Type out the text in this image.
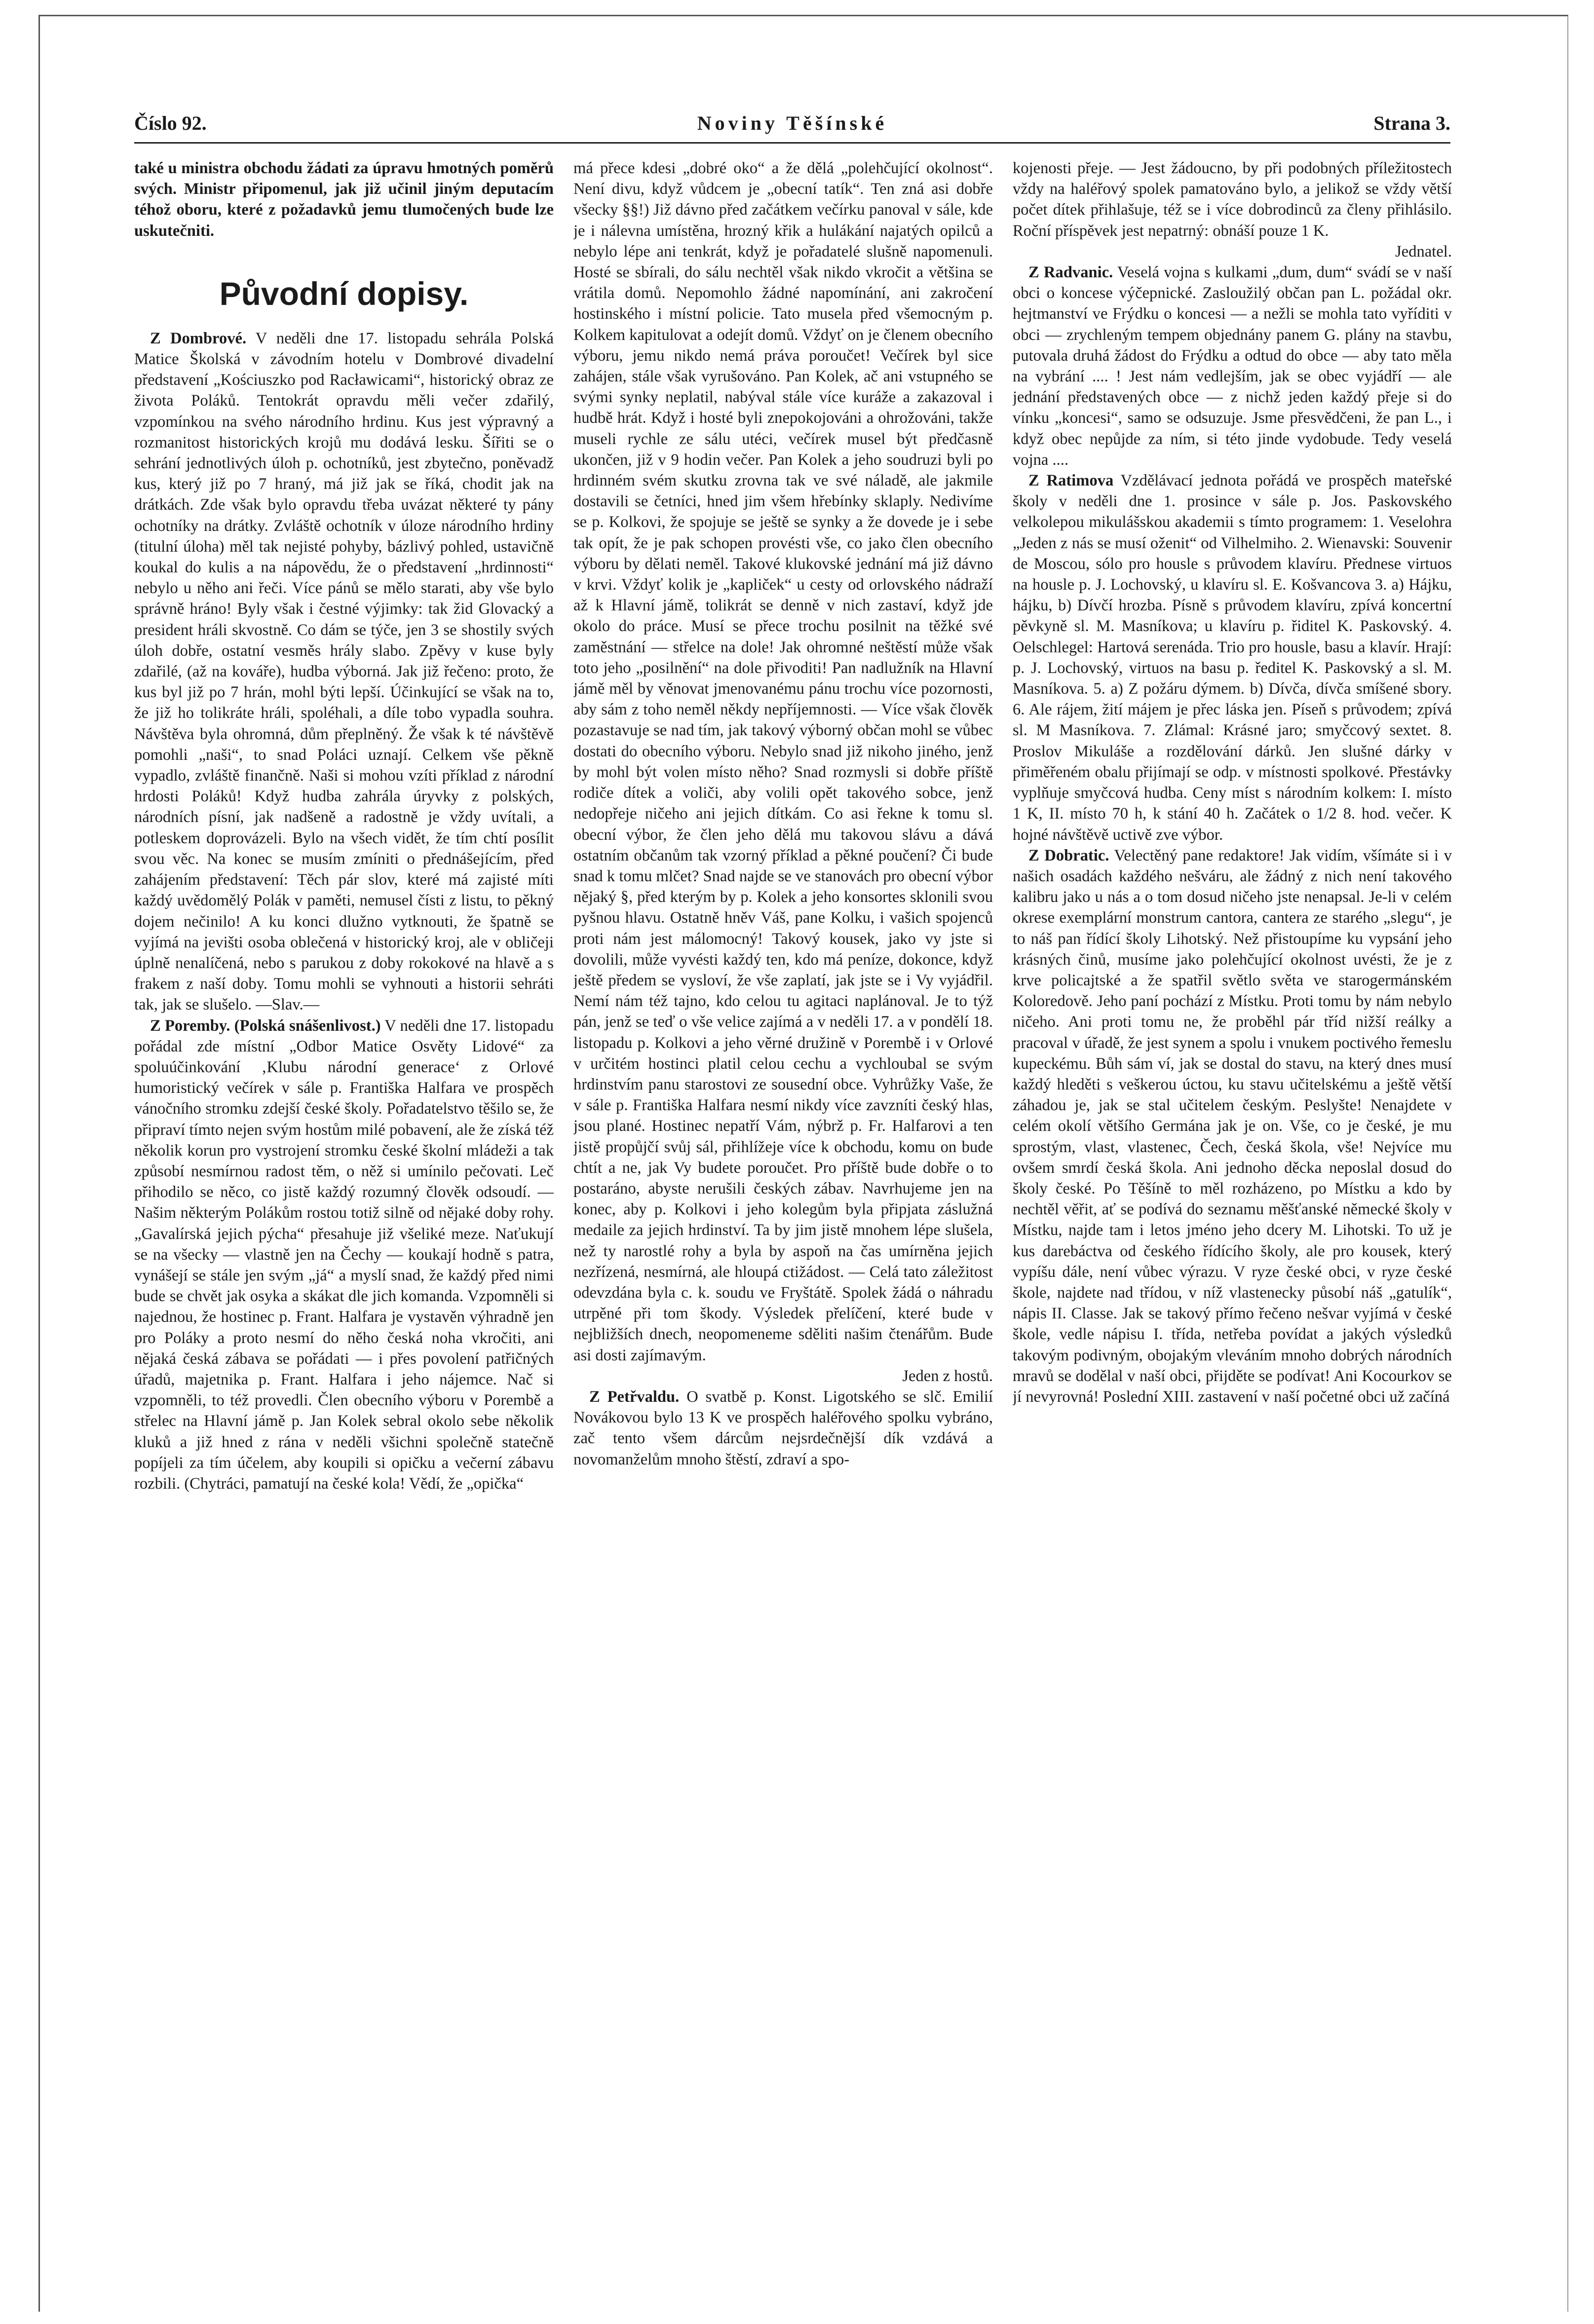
Číslo 92.	Noviny Těšínské	Strana 3.

také u ministra obchodu žádati za úpravu hmotných poměrů svých. Ministr připomenul, jak již učinil jiným deputacím téhož oboru, které z požadavků jemu tlumočených bude lze uskutečniti.

Původní dopisy.

Z Dombrové. V neděli dne 17. listopadu sehrála Polská Matice Školská v závodním hotelu v Dombrové divadelní představení „Kościuszko pod Racławicami“, historický obraz ze života Poláků. Tentokrát opravdu měli večer zdařilý, vzpomínkou na svého národního hrdinu. Kus jest výpravný a rozmanitost historických krojů mu dodává lesku. Šířiti se o sehrání jednotlivých úloh p. ochotníků, jest zbytečno, poněvadž kus, který již po 7 hraný, má již jak se říká, chodit jak na drátkách. Zde však bylo opravdu třeba uvázat některé ty pány ochotníky na drátky. Zvláště ochotník v úloze národního hrdiny (titulní úloha) měl tak nejisté pohyby, bázlivý pohled, ustavičně koukal do kulis a na nápovědu, že o představení „hrdinnosti“ nebylo u něho ani řeči. Více pánů se mělo starati, aby vše bylo správně hráno! Byly však i čestné výjimky: tak žid Glovacký a president hráli skvostně. Co dám se týče, jen 3 se shostily svých úloh dobře, ostatní vesměs hrály slabo. Zpěvy v kuse byly zdařilé, (až na kováře), hudba výborná. Jak již řečeno: proto, že kus byl již po 7 hrán, mohl býti lepší. Účinkující se však na to, že již ho tolikráte hráli, spoléhali, a díle tobo vypadla souhra. Návštěva byla ohromná, dům přeplněný. Že však k té návštěvě pomohli „naši“, to snad Poláci uznají. Celkem vše pěkně vypadlo, zvláště finančně. Naši si mohou vzíti příklad z národní hrdosti Poláků! Když hudba zahrála úryvky z polských, národních písní, jak nadšeně a radostně je vždy uvítali, a potleskem doprovázeli. Bylo na všech vidět, že tím chtí posílit svou věc. Na konec se musím zmíniti o přednášejícím, před zahájením představení: Těch pár slov, které má zajisté míti každý uvědomělý Polák v paměti, nemusel čísti z listu, to pěkný dojem nečinilo! A ku konci dlužno vytknouti, že špatně se vyjímá na jevišti osoba oblečená v historický kroj, ale v obličeji úplně nenalíčená, nebo s parukou z doby rokokové na hlavě a s frakem z naší doby. Tomu mohli se vyhnouti a historii sehráti tak, jak se slušelo. —Slav.—

Z Poremby. (Polská snášenlivost.) V neděli dne 17. listopadu pořádal zde místní „Odbor Matice Osvěty Lidové“ za spoluúčinkování ‚Klubu národní generace‘ z Orlové humoristický večírek v sále p. Františka Halfara ve prospěch vánočního stromku zdejší české školy. Pořadatelstvo těšilo se, že připraví tímto nejen svým hostům milé pobavení, ale že získá též několik korun pro vystrojení stromku české školní mládeži a tak způsobí nesmírnou radost těm, o něž si umínilo pečovati. Leč přihodilo se něco, co jistě každý rozumný člověk odsoudí. — Našim některým Polákům rostou totiž silně od nějaké doby rohy. „Gavalírská jejich pýcha“ přesahuje již všeliké meze. Naťukují se na všecky — vlastně jen na Čechy — koukají hodně s patra, vynášejí se stále jen svým „já“ a myslí snad, že každý před nimi bude se chvět jak osyka a skákat dle jich komanda. Vzpomněli si najednou, že hostinec p. Frant. Halfara je vystavěn výhradně jen pro Poláky a proto nesmí do něho česká noha vkročiti, ani nějaká česká zábava se pořádati — i přes povolení patřičných úřadů, majetnika p. Frant. Halfara i jeho nájemce. Nač si vzpomněli, to též provedli. Člen obecního výboru v Porembě a střelec na Hlavní jámě p. Jan Kolek sebral okolo sebe několik kluků a již hned z rána v neděli všichni společně statečně popíjeli za tím účelem, aby koupili si opičku a večerní zábavu rozbili. (Chytráci, pamatují na české kola! Vědí, že „opička“

má přece kdesi „dobré oko“ a že dělá „polehčující okolnost“. Není divu, když vůdcem je „obecní tatík“. Ten zná asi dobře všecky §§!) Již dávno před začátkem večírku panoval v sále, kde je i nálevna umístěna, hrozný křik a hulákání najatých opilců a nebylo lépe ani tenkrát, když je pořadatelé slušně napomenuli. Hosté se sbírali, do sálu nechtěl však nikdo vkročit a většina se vrátila domů. Nepomohlo žádné napomínání, ani zakročení hostinského i místní policie. Tato musela před všemocným p. Kolkem kapitulovat a odejít domů. Vždyť on je členem obecního výboru, jemu nikdo nemá práva poroučet! Večírek byl sice zahájen, stále však vyrušováno. Pan Kolek, ač ani vstupného se svými synky neplatil, nabýval stále více kuráže a zakazoval i hudbě hrát. Když i hosté byli znepokojováni a ohrožováni, takže museli rychle ze sálu utéci, večírek musel být předčasně ukončen, již v 9 hodin večer. Pan Kolek a jeho soudruzi byli po hrdinném svém skutku zrovna tak ve své náladě, ale jakmile dostavili se četníci, hned jim všem hřebínky sklaply. Nedivíme se p. Kolkovi, že spojuje se ještě se synky a že dovede je i sebe tak opít, že je pak schopen provésti vše, co jako člen obecního výboru by dělati neměl. Takové klukovské jednání má již dávno v krvi. Vždyť kolik je „kapliček“ u cesty od orlovského nádraží až k Hlavní jámě, tolikrát se denně v nich zastaví, když jde okolo do práce. Musí se přece trochu posilnit na těžké své zaměstnání — střelce na dole! Jak ohromné neštěstí může však toto jeho „posilnění“ na dole přivoditi! Pan nadlužník na Hlavní jámě měl by věnovat jmenovanému pánu trochu více pozornosti, aby sám z toho neměl někdy nepříjemnosti. — Více však člověk pozastavuje se nad tím, jak takový výborný občan mohl se vůbec dostati do obecního výboru. Nebylo snad již nikoho jiného, jenž by mohl být volen místo něho? Snad rozmysli si dobře příště rodiče dítek a voliči, aby volili opět takového sobce, jenž nedopřeje ničeho ani jejich dítkám. Co asi řekne k tomu sl. obecní výbor, že člen jeho dělá mu takovou slávu a dává ostatním občanům tak vzorný příklad a pěkné poučení? Či bude snad k tomu mlčet? Snad najde se ve stanovách pro obecní výbor nějaký §, před kterým by p. Kolek a jeho konsortes sklonili svou pyšnou hlavu. Ostatně hněv Váš, pane Kolku, i vašich spojenců proti nám jest málomocný! Takový kousek, jako vy jste si dovolili, může vyvésti každý ten, kdo má peníze, dokonce, když ještě předem se vysloví, že vše zaplatí, jak jste se i Vy vyjádřil. Nemí nám též tajno, kdo celou tu agitaci naplánoval. Je to týž pán, jenž se teď o vše velice zajímá a v neděli 17. a v pondělí 18. listopadu p. Kolkovi a jeho věrné družině v Porembě i v Orlové v určitém hostinci platil celou cechu a vychloubal se svým hrdinstvím panu starostovi ze sousední obce. Vyhrůžky Vaše, že v sále p. Františka Halfara nesmí nikdy více zavzníti český hlas, jsou plané. Hostinec nepatří Vám, nýbrž p. Fr. Halfarovi a ten jistě propůjčí svůj sál, přihlížeje více k obchodu, komu on bude chtít a ne, jak Vy budete poroučet. Pro příště bude dobře o to postaráno, abyste nerušili českých zábav. Navrhujeme jen na konec, aby p. Kolkovi i jeho kolegům byla připjata záslužná medaile za jejich hrdinství. Ta by jim jistě mnohem lépe slušela, než ty narostlé rohy a byla by aspoň na čas umírněna jejich nezřízená, nesmírná, ale hloupá ctižádost. — Celá tato záležitost odevzdána byla c. k. soudu ve Fryštátě. Spolek žádá o náhradu utrpěné při tom škody. Výsledek přelíčení, které bude v nejbližších dnech, neopomeneme sděliti našim čtenářům. Bude asi dosti zajímavým.

Jeden z hostů.

Z Petřvaldu. O svatbě p. Konst. Ligotského se slč. Emilií Novákovou bylo 13 K ve prospěch haléřového spolku vybráno, zač tento všem dárcům nejsrdečnější dík vzdává a novomanželům mnoho štěstí, zdraví a spo-

kojenosti přeje. — Jest žádoucno, by při podobných příležitostech vždy na haléřový spolek pamatováno bylo, a jelikož se vždy větší počet dítek přihlašuje, též se i více dobrodinců za členy přihlásilo. Roční příspěvek jest nepatrný: obnáší pouze 1 K.

Jednatel.

Z Radvanic. Veselá vojna s kulkami „dum, dum“ svádí se v naší obci o koncese výčepnické. Zasloužilý občan pan L. požádal okr. hejtmanství ve Frýdku o koncesi — a nežli se mohla tato vyříditi v obci — zrychleným tempem objednány panem G. plány na stavbu, putovala druhá žádost do Frýdku a odtud do obce — aby tato měla na vybrání .... ! Jest nám vedlejším, jak se obec vyjádří — ale jednání představených obce — z nichž jeden každý přeje si do vínku „koncesi“, samo se odsuzuje. Jsme přesvědčeni, že pan L., i když obec nepůjde za ním, si této jinde vydobude. Tedy veselá vojna ....

Z Ratimova Vzdělávací jednota pořádá ve prospěch mateřské školy v neděli dne 1. prosince v sále p. Jos. Paskovského velkolepou mikulášskou akademii s tímto programem: 1. Veselohra „Jeden z nás se musí oženit“ od Vilhelmiho. 2. Wienavski: Souvenir de Moscou, sólo pro housle s průvodem klavíru. Přednese virtuos na housle p. J. Lochovský, u klavíru sl. E. Košvancova 3. a) Hájku, hájku, b) Dívčí hrozba. Písně s průvodem klavíru, zpívá koncertní pěvkyně sl. M. Masníkova; u klavíru p. řiditel K. Paskovský. 4. Oelschlegel: Hartová serenáda. Trio pro housle, basu a klavír. Hrají: p. J. Lochovský, virtuos na basu p. ředitel K. Paskovský a sl. M. Masníkova. 5. a) Z požáru dýmem. b) Dívča, dívča smíšené sbory. 6. Ale rájem, žití májem je přec láska jen. Píseň s průvodem; zpívá sl. M Masníkova. 7. Zlámal: Krásné jaro; smyčcový sextet. 8. Proslov Mikuláše a rozdělování dárků. Jen slušné dárky v přiměřeném obalu přijímají se odp. v místnosti spolkové. Přestávky vyplňuje smyčcová hudba. Ceny míst s národním kolkem: I. místo 1 K, II. místo 70 h, k stání 40 h. Začátek o 1/2 8. hod. večer. K hojné návštěvě uctivě zve výbor.

Z Dobratic. Velectěný pane redaktore! Jak vidím, všímáte si i v našich osadách každého nešváru, ale žádný z nich není takového kalibru jako u nás a o tom dosud ničeho jste nenapsal. Je-li v celém okrese exemplární monstrum cantora, cantera ze starého „slegu“, je to náš pan řídící školy Lihotský. Než přistoupíme ku vypsání jeho krásných činů, musíme jako polehčující okolnost uvésti, že je z krve policajtské a že spatřil světlo světa ve starogermánském Koloredově. Jeho paní pochází z Místku. Proti tomu by nám nebylo ničeho. Ani proti tomu ne, že proběhl pár tříd nižší reálky a pracoval v úřadě, že jest synem a spolu i vnukem poctivého řemeslu kupeckému. Bůh sám ví, jak se dostal do stavu, na který dnes musí každý hleděti s veškerou úctou, ku stavu učitelskému a ještě větší záhadou je, jak se stal učitelem českým. Peslyšte! Nenajdete v celém okolí většího Germána jak je on. Vše, co je české, je mu sprostým, vlast, vlastenec, Čech, česká škola, vše! Nejvíce mu ovšem smrdí česká škola. Ani jednoho děcka neposlal dosud do školy české. Po Těšíně to měl rozházeno, po Místku a kdo by nechtěl věřit, ať se podívá do seznamu měšťanské německé školy v Místku, najde tam i letos jméno jeho dcery M. Lihotski. To už je kus darebáctva od českého řídícího školy, ale pro kousek, který vypíšu dále, není vůbec výrazu. V ryze české obci, v ryze české škole, najdete nad třídou, v níž vlastenecky působí náš „gatulík“, nápis II. Classe. Jak se takový přímo řečeno nešvar vyjímá v české škole, vedle nápisu I. třída, netřeba povídat a jakých výsledků takovým podivným, obojakým vleváním mnoho dobrých národních mravů se dodělal v naší obci, přijděte se podívat! Ani Kocourkov se jí nevyrovná! Poslední XIII. zastavení v naší početné obci už začíná
